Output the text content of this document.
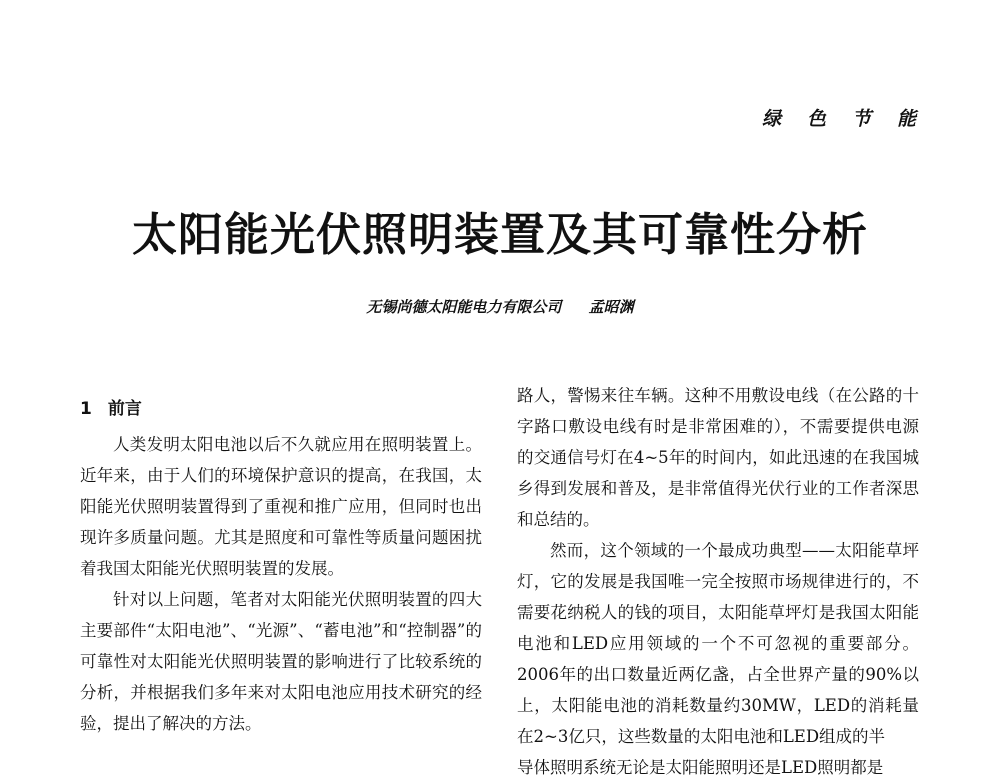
绿色节能
太阳能光伏照明装置及其可靠性分析
无锡尚德太阳能电力有限公司 孟昭渊
1 前言

人类发明太阳电池以后不久就应用在照明装置上。近年来，由于人们的环境保护意识的提高，在我国，太阳能光伏照明装置得到了重视和推广应用，但同时也出现许多质量问题。尤其是照度和可靠性等质量问题困扰着我国太阳能光伏照明装置的发展。

针对以上问题，笔者对太阳能光伏照明装置的四大主要部件“太阳电池”、“光源”、“蓄电池”和“控制器”的可靠性对太阳能光伏照明装置的影响进行了比较系统的分析，并根据我们多年来对太阳电池应用技术研究的经验，提出了解决的方法。

路人，警惕来往车辆。这种不用敷设电线（在公路的十字路口敷设电线有时是非常困难的），不需要提供电源的交通信号灯在4~5年的时间内，如此迅速的在我国城乡得到发展和普及，是非常值得光伏行业的工作者深思和总结的。

然而，这个领域的一个最成功典型——太阳能草坪灯，它的发展是我国唯一完全按照市场规律进行的，不需要花纳税人的钱的项目，太阳能草坪灯是我国太阳能电池和LED应用领域的一个不可忽视的重要部分。2006年的出口数量近两亿盏，占全世界产量的90%以上，太阳能电池的消耗数量约30MW，LED的消耗量在2~3亿只，这些数量的太阳电池和LED组成的半

导体照明系统无论是太阳能照明还是LED照明都是
